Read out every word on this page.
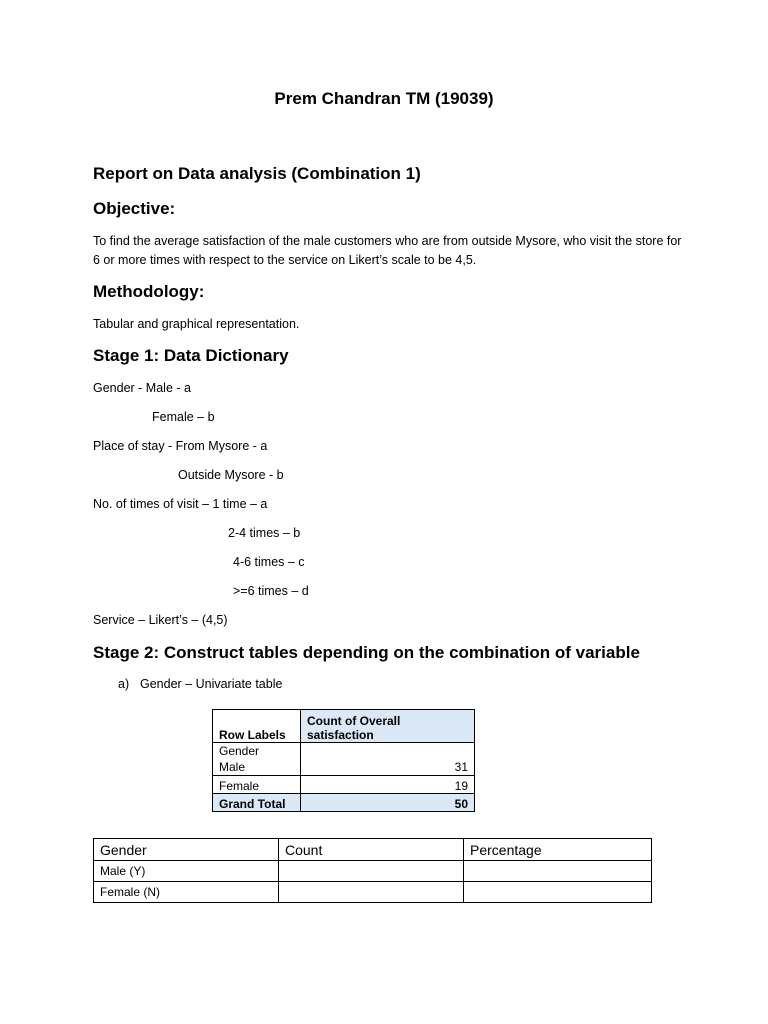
Prem Chandran TM (19039)
Report on Data analysis (Combination 1)
Objective:
To find the average satisfaction of the male customers who are from outside Mysore, who visit the store for 6 or more times with respect to the service on Likert’s scale to be 4,5.
Methodology:
Tabular and graphical representation.
Stage 1: Data Dictionary
Gender - Male - a
Female – b
Place of stay - From Mysore - a
Outside Mysore - b
No. of times of visit – 1 time – a
2-4 times – b
4-6 times – c
>=6 times – d
Service – Likert’s – (4,5)
Stage 2: Construct tables depending on the combination of variable
a) Gender – Univariate table
Row Labels	Count of Overall satisfaction

Gender
Male	31
Female	19
Grand Total	50
Gender	Count	Percentage
Male (Y)		
Female (N)		
